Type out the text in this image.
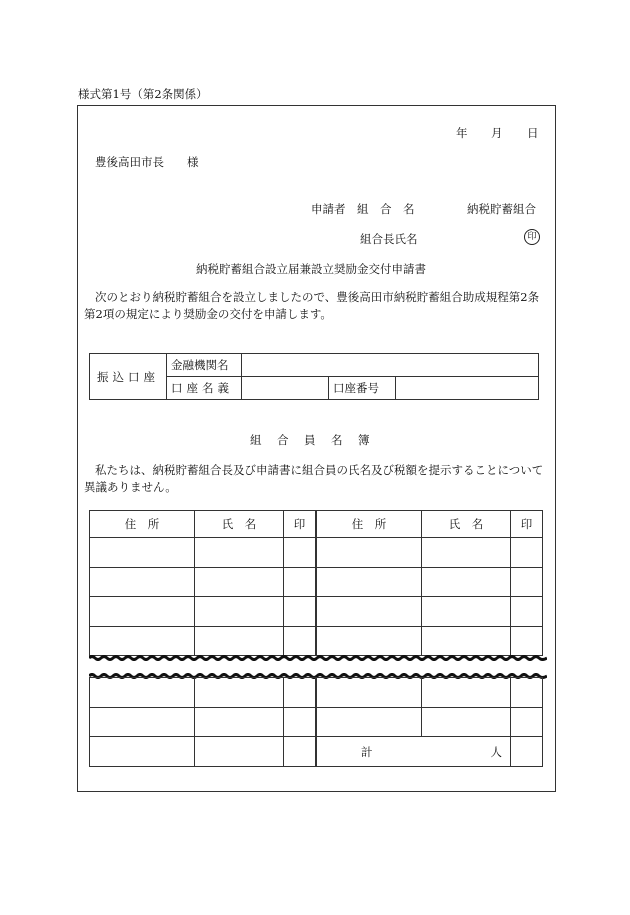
様式第1号（第2条関係）
年 月 日
豊後高田市長　　様
申請者　組　合　名	納税貯蓄組合
組合長氏名	印
納税貯蓄組合設立届兼設立奨励金交付申請書
次のとおり納税貯蓄組合を設立しましたので、豊後高田市納税貯蓄組合助成規程第2条第2項の規定により奨励金の交付を申請します。
振込口座	金融機関名			
	口座名義		口座番号	
組　合　員　名　簿
私たちは、納税貯蓄組合長及び申請書に組合員の氏名及び税額を提示することについて異議ありません。
住　所	氏　名	印	住　所	氏　名	印

			計 人		
